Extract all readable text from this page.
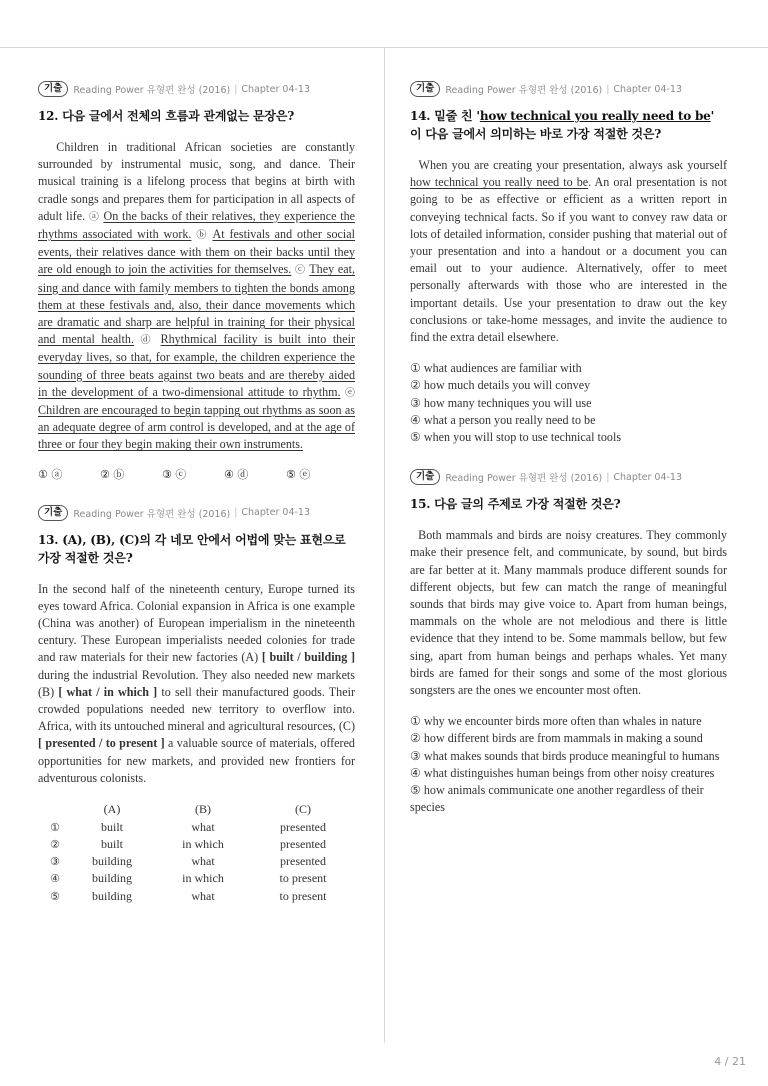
기출	Reading Power 유형편 완성 (2016) | Chapter 04-13
12. 다음 글에서 전체의 흐름과 관계없는 문장은?
Children in traditional African societies are constantly surrounded by instrumental music, song, and dance. Their musical training is a lifelong process that begins at birth with cradle songs and prepares them for participation in all aspects of adult life. ⓐ On the backs of their relatives, they experience the rhythms associated with work. ⓑ At festivals and other social events, their relatives dance with them on their backs until they are old enough to join the activities for themselves. ⓒ They eat, sing and dance with family members to tighten the bonds among them at these festivals and, also, their dance movements which are dramatic and sharp are helpful in training for their physical and mental health. ⓓ Rhythmical facility is built into their everyday lives, so that, for example, the children experience the sounding of three beats against two beats and are thereby aided in the development of a two-dimensional attitude to rhythm. ⓔ Children are encouraged to begin tapping out rhythms as soon as an adequate degree of arm control is developed, and at the age of three or four they begin making their own instruments.
① ⓐ	② ⓑ	③ ⓒ	④ ⓓ	⑤ ⓔ
기출	Reading Power 유형편 완성 (2016) | Chapter 04-13
13. (A), (B), (C)의 각 네모 안에서 어법에 맞는 표현으로 가장 적절한 것은?
In the second half of the nineteenth century, Europe turned its eyes toward Africa. Colonial expansion in Africa is one example (China was another) of European imperialism in the nineteenth century. These European imperialists needed colonies for trade and raw materials for their new factories (A) [ built / building ] during the industrial Revolution. They also needed new markets (B) [ what / in which ] to sell their manufactured goods. Their crowded populations needed new territory to overflow into. Africa, with its untouched mineral and agricultural resources, (C) [ presented / to present ] a valuable source of materials, offered opportunities for new markets, and provided new frontiers for adventurous colonists.
	(A)	(B)	(C)
①	built	what	presented
②	built	in which	presented
③	building	what	presented
④	building	in which	to present
⑤	building	what	to present
기출	Reading Power 유형편 완성 (2016) | Chapter 04-13
14. 밑줄 친 'how technical you really need to be' 이 다음 글에서 의미하는 바로 가장 적절한 것은?
When you are creating your presentation, always ask yourself how technical you really need to be. An oral presentation is not going to be as effective or efficient as a written report in conveying technical facts. So if you want to convey raw data or lots of detailed information, consider pushing that material out of your presentation and into a handout or a document you can email out to your audience. Alternatively, offer to meet personally afterwards with those who are interested in the important details. Use your presentation to draw out the key conclusions or take-home messages, and invite the audience to find the extra detail elsewhere.
① what audiences are familiar with
② how much details you will convey
③ how many techniques you will use
④ what a person you really need to be
⑤ when you will stop to use technical tools
기출	Reading Power 유형편 완성 (2016) | Chapter 04-13
15. 다음 글의 주제로 가장 적절한 것은?
Both mammals and birds are noisy creatures. They commonly make their presence felt, and communicate, by sound, but birds are far better at it. Many mammals produce different sounds for different objects, but few can match the range of meaningful sounds that birds may give voice to. Apart from human beings, mammals on the whole are not melodious and there is little evidence that they intend to be. Some mammals bellow, but few sing, apart from human beings and perhaps whales. Yet many birds are famed for their songs and some of the most glorious songsters are the ones we encounter most often.
① why we encounter birds more often than whales in nature
② how different birds are from mammals in making a sound
③ what makes sounds that birds produce meaningful to humans
④ what distinguishes human beings from other noisy creatures
⑤ how animals communicate one another regardless of their species
4 / 21
